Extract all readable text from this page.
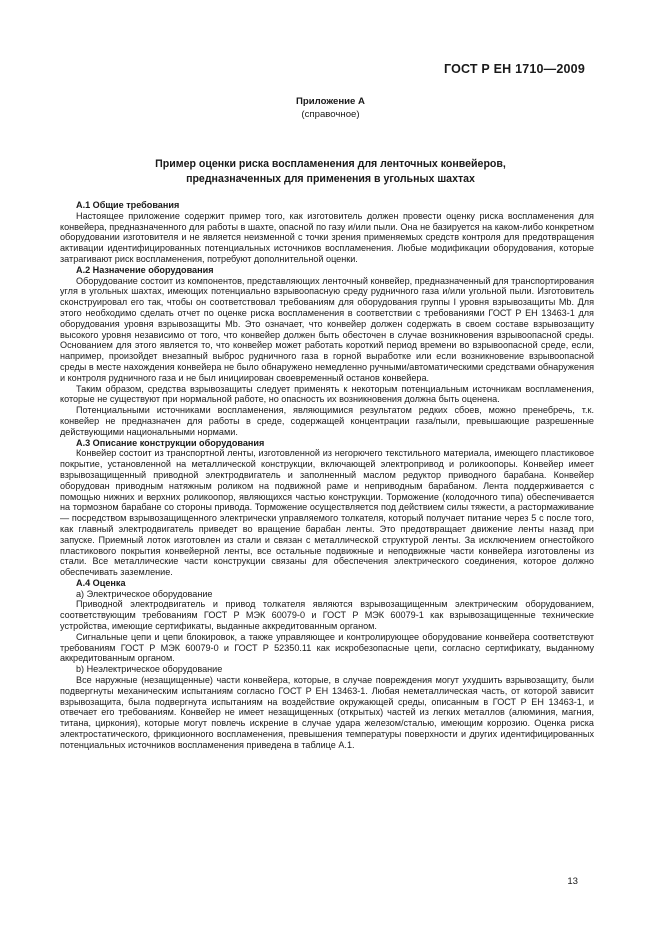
ГОСТ Р ЕН 1710—2009
Приложение А
(справочное)
Пример оценки риска воспламенения для ленточных конвейеров,
предназначенных для применения в угольных шахтах

А.1 Общие требования

Настоящее приложение содержит пример того, как изготовитель должен провести оценку риска воспламенения для конвейера, предназначенного для работы в шахте, опасной по газу и/или пыли. Она не базируется на каком-либо конкретном оборудовании изготовителя и не является неизменной с точки зрения применяемых средств контроля для предотвращения активации идентифицированных потенциальных источников воспламенения. Любые модификации оборудования, которые затрагивают риск воспламенения, потребуют дополнительной оценки.

А.2 Назначение оборудования

Оборудование состоит из компонентов, представляющих ленточный конвейер, предназначенный для транспортирования угля в угольных шахтах, имеющих потенциально взрывоопасную среду рудничного газа и/или угольной пыли. Изготовитель сконструировал его так, чтобы он соответствовал требованиям для оборудования группы I уровня взрывозащиты Mb. Для этого необходимо сделать отчет по оценке риска воспламенения в соответствии с требованиями ГОСТ Р ЕН 13463-1 для оборудования уровня взрывозащиты Mb. Это означает, что конвейер должен содержать в своем составе взрывозащиту высокого уровня независимо от того, что конвейер должен быть обесточен в случае возникновения взрывоопасной среды. Основанием для этого является то, что конвейер может работать короткий период времени во взрывоопасной среде, если, например, произойдет внезапный выброс рудничного газа в горной выработке или если возникновение взрывоопасной среды в месте нахождения конвейера не было обнаружено немедленно ручными/автоматическими средствами обнаружения и контроля рудничного газа и не был инициирован своевременный останов конвейера.

Таким образом, средства взрывозащиты следует применять к некоторым потенциальным источникам воспламенения, которые не существуют при нормальной работе, но опасность их возникновения должна быть оценена.

Потенциальными источниками воспламенения, являющимися результатом редких сбоев, можно пренебречь, т.к. конвейер не предназначен для работы в среде, содержащей концентрации газа/пыли, превышающие разрешенные действующими национальными нормами.

А.3 Описание конструкции оборудования

Конвейер состоит из транспортной ленты, изготовленной из негорючего текстильного материала, имеющего пластиковое покрытие, установленной на металлической конструкции, включающей электропривод и роликоопоры. Конвейер имеет взрывозащищенный приводной электродвигатель и заполненный маслом редуктор приводного барабана. Конвейер оборудован приводным натяжным роликом на подвижной раме и неприводным барабаном. Лента поддерживается с помощью нижних и верхних роликоопор, являющихся частью конструкции. Торможение (колодочного типа) обеспечивается на тормозном барабане со стороны привода. Торможение осуществляется под действием силы тяжести, а растормаживание — посредством взрывозащищенного электрически управляемого толкателя, который получает питание через 5 с после того, как главный электродвигатель приведет во вращение барабан ленты. Это предотвращает движение ленты назад при запуске. Приемный лоток изготовлен из стали и связан с металлической структурой ленты. За исключением огнестойкого пластикового покрытия конвейерной ленты, все остальные подвижные и неподвижные части конвейера изготовлены из стали. Все металлические части конструкции связаны для обеспечения электрического соединения, которое должно обеспечивать заземление.

А.4 Оценка

а) Электрическое оборудование

Приводной электродвигатель и привод толкателя являются взрывозащищенным электрическим оборудованием, соответствующим требованиям ГОСТ Р МЭК 60079-0 и ГОСТ Р МЭК 60079-1 как взрывозащищенные технические устройства, имеющие сертификаты, выданные аккредитованным органом.

Сигнальные цепи и цепи блокировок, а также управляющее и контролирующее оборудование конвейера соответствуют требованиям ГОСТ Р МЭК 60079-0 и ГОСТ Р 52350.11 как искробезопасные цепи, согласно сертификату, выданному аккредитованным органом.

b) Неэлектрическое оборудование

Все наружные (незащищенные) части конвейера, которые, в случае повреждения могут ухудшить взрывозащиту, были подвергнуты механическим испытаниям согласно ГОСТ Р ЕН 13463-1. Любая неметаллическая часть, от которой зависит взрывозащита, была подвергнута испытаниям на воздействие окружающей среды, описанным в ГОСТ Р ЕН 13463-1, и отвечает его требованиям. Конвейер не имеет незащищенных (открытых) частей из легких металлов (алюминия, магния, титана, циркония), которые могут повлечь искрение в случае удара железом/сталью, имеющим коррозию. Оценка риска электростатического, фрикционного воспламенения, превышения температуры поверхности и других идентифицированных потенциальных источников воспламенения приведена в таблице А.1.

13
